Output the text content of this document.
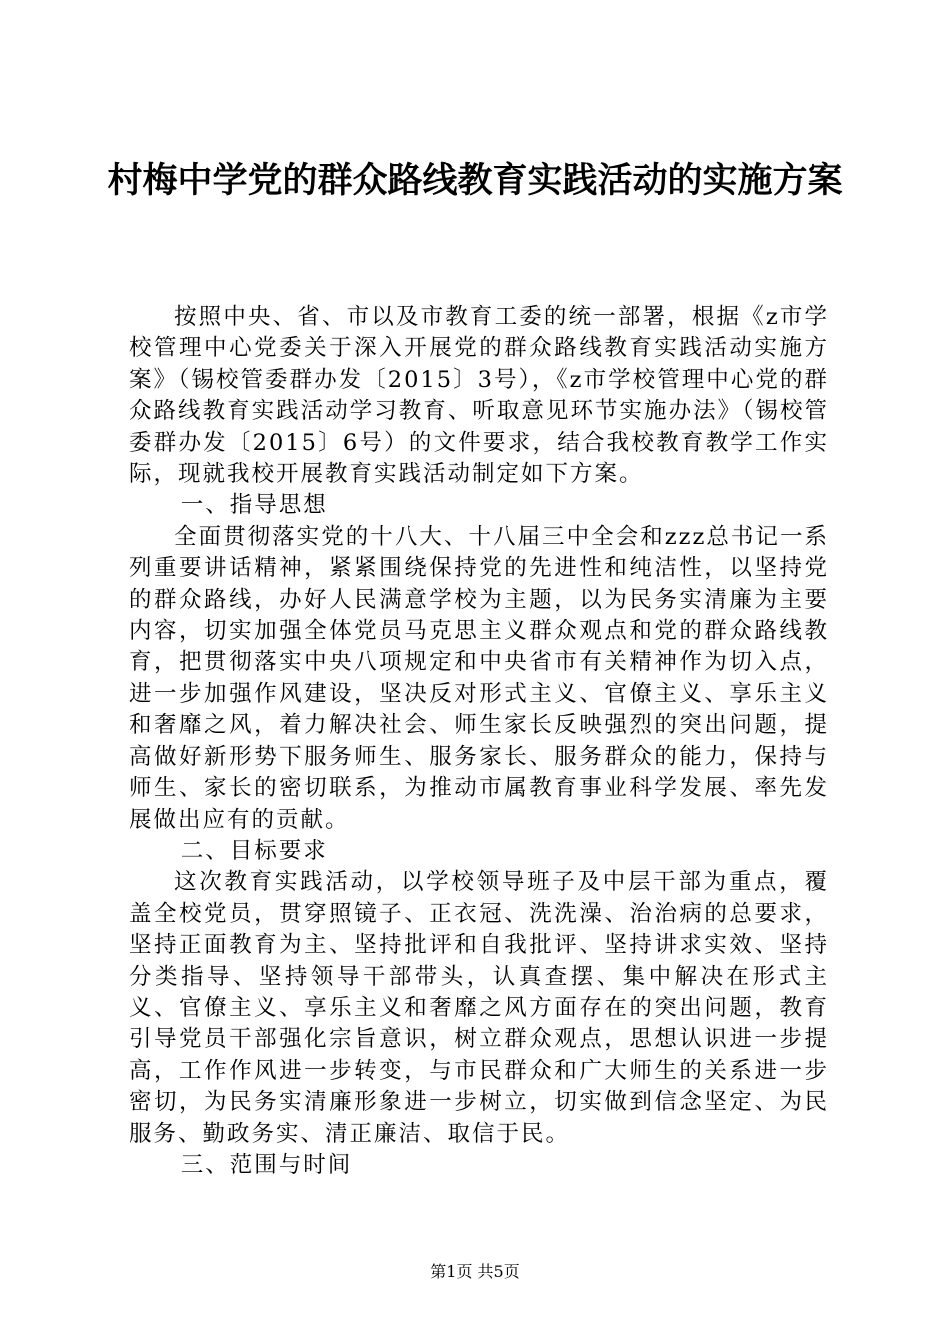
村梅中学党的群众路线教育实践活动的实施方案

按照中央、省、市以及市教育工委的统一部署，根据《z市学校管理中心党委关于深入开展党的群众路线教育实践活动实施方案》（锡校管委群办发〔2015〕3号），《z市学校管理中心党的群众路线教育实践活动学习教育、听取意见环节实施办法》（锡校管委群办发〔2015〕6号）的文件要求，结合我校教育教学工作实际，现就我校开展教育实践活动制定如下方案。

一、指导思想

全面贯彻落实党的十八大、十八届三中全会和zzz总书记一系列重要讲话精神，紧紧围绕保持党的先进性和纯洁性，以坚持党的群众路线，办好人民满意学校为主题，以为民务实清廉为主要内容，切实加强全体党员马克思主义群众观点和党的群众路线教育，把贯彻落实中央八项规定和中央省市有关精神作为切入点，进一步加强作风建设，坚决反对形式主义、官僚主义、享乐主义和奢靡之风，着力解决社会、师生家长反映强烈的突出问题，提高做好新形势下服务师生、服务家长、服务群众的能力，保持与师生、家长的密切联系，为推动市属教育事业科学发展、率先发展做出应有的贡献。

二、目标要求

这次教育实践活动，以学校领导班子及中层干部为重点，覆盖全校党员，贯穿照镜子、正衣冠、洗洗澡、治治病的总要求，坚持正面教育为主、坚持批评和自我批评、坚持讲求实效、坚持分类指导、坚持领导干部带头，认真查摆、集中解决在形式主义、官僚主义、享乐主义和奢靡之风方面存在的突出问题，教育引导党员干部强化宗旨意识，树立群众观点，思想认识进一步提高，工作作风进一步转变，与市民群众和广大师生的关系进一步密切，为民务实清廉形象进一步树立，切实做到信念坚定、为民服务、勤政务实、清正廉洁、取信于民。

三、范围与时间

第1页 共5页
